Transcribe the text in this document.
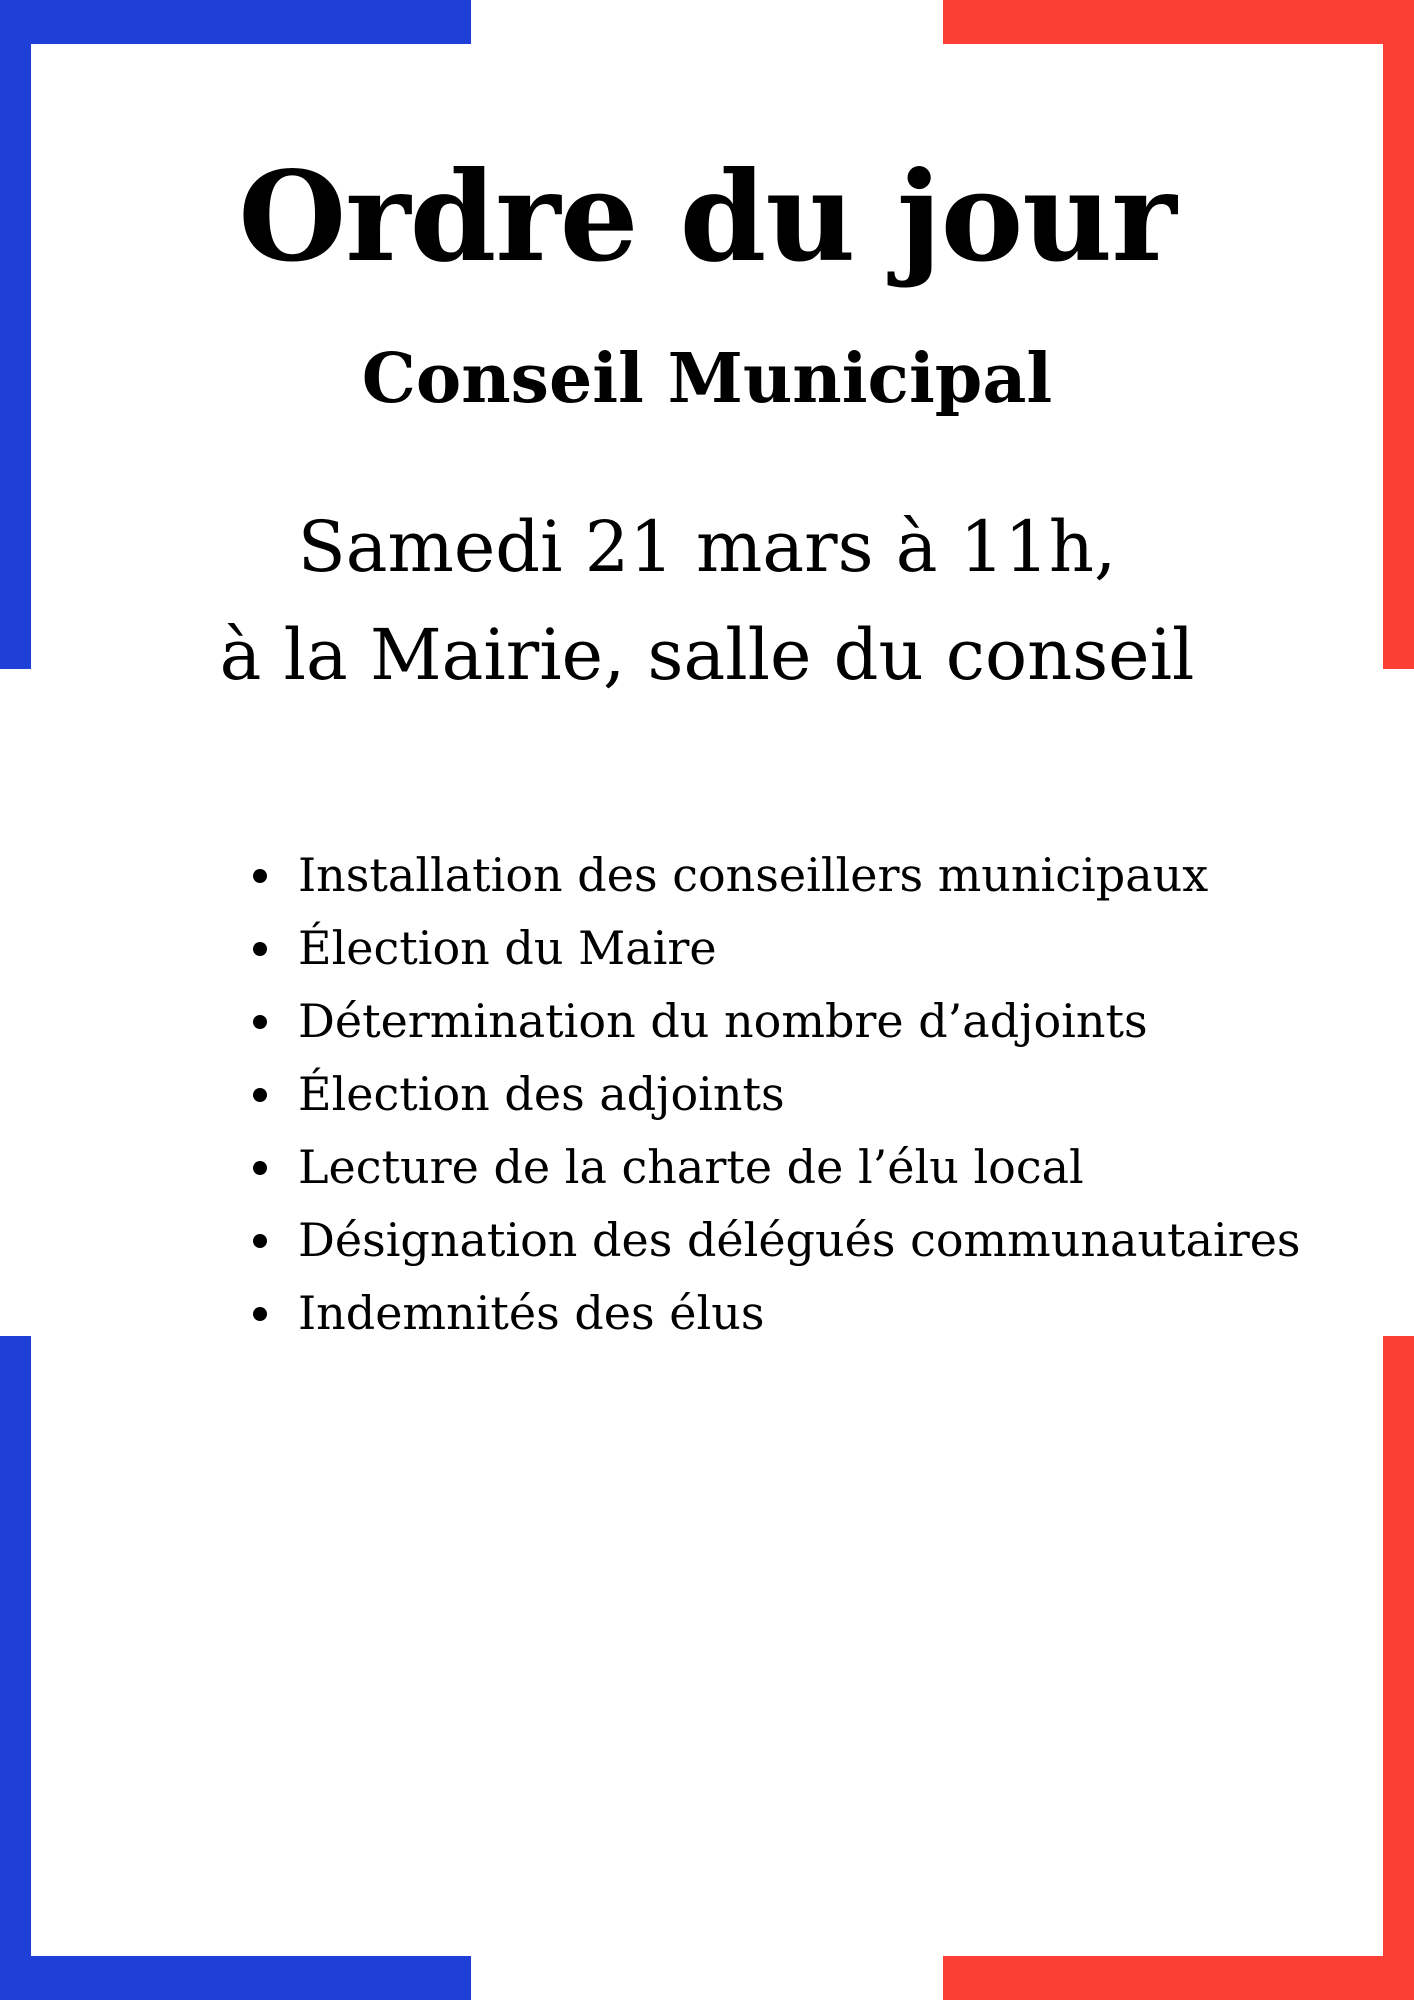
Ordre du jour
Conseil Municipal
Samedi 21 mars à 11h,
à la Mairie, salle du conseil
Installation des conseillers municipaux
Élection du Maire
Détermination du nombre d’adjoints
Élection des adjoints
Lecture de la charte de l’élu local
Désignation des délégués communautaires
Indemnités des élus
